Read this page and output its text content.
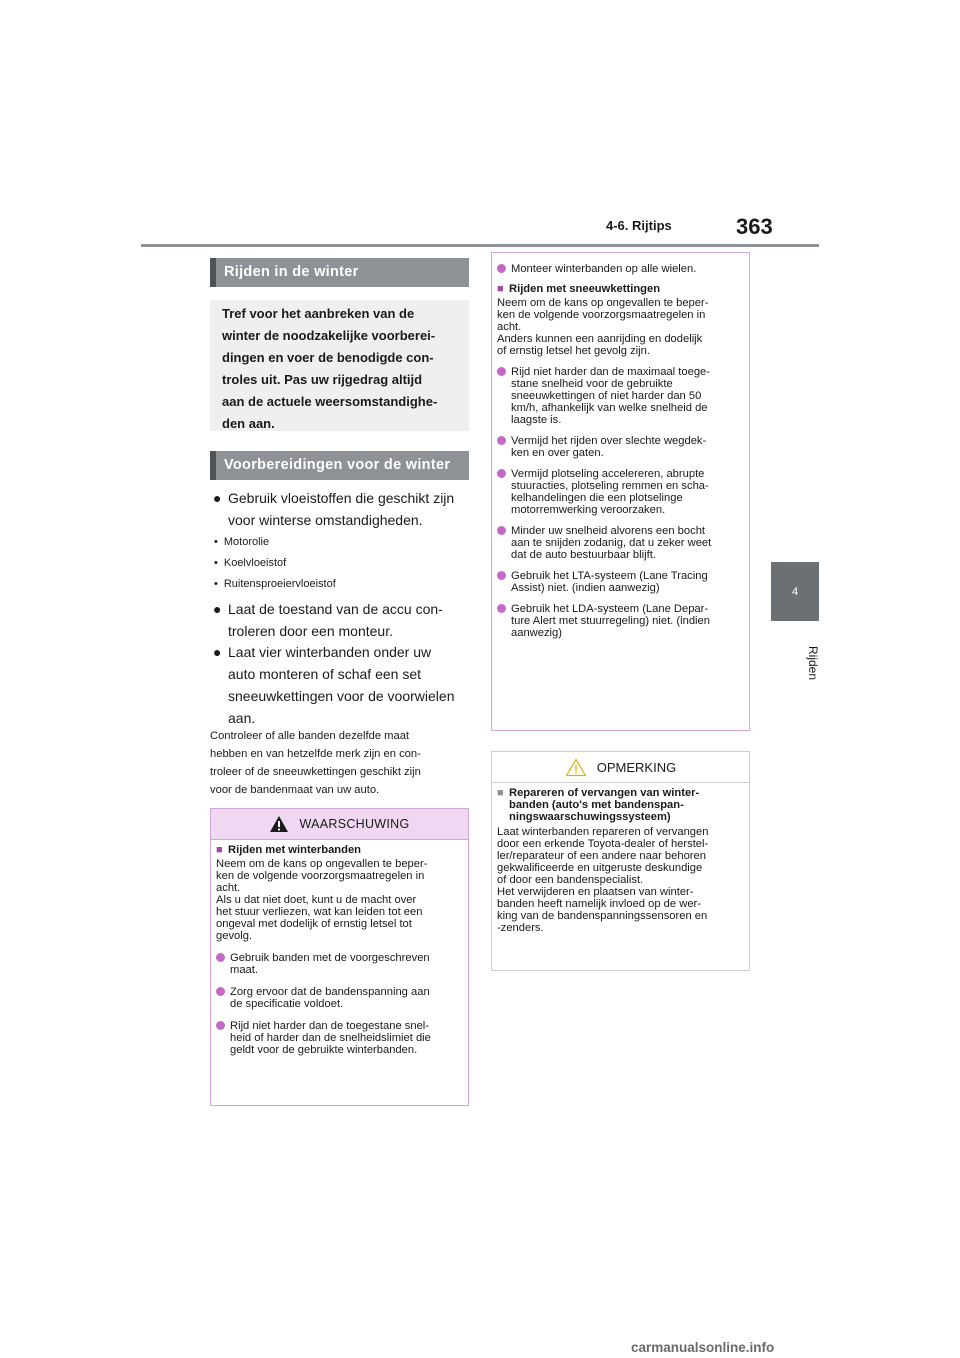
4-6. Rijtips	363
4
Rijden
Rijden in de winter
Tref voor het aanbreken van de
winter de noodzakelijke voorberei-
dingen en voer de benodigde con-
troles uit. Pas uw rijgedrag altijd
aan de actuele weersomstandighe-
den aan.
Voorbereidingen voor de winter
● Gebruik vloeistoffen die geschikt zijn
voor winterse omstandigheden.
• Motorolie
• Koelvloeistof
• Ruitensproeiervloeistof
● Laat de toestand van de accu con-
troleren door een monteur.
● Laat vier winterbanden onder uw
auto monteren of schaf een set
sneeuwkettingen voor de voorwielen
aan.
Controleer of alle banden dezelfde maat
hebben en van hetzelfde merk zijn en con-
troleer of de sneeuwkettingen geschikt zijn
voor de bandenmaat van uw auto.
WAARSCHUWING
■ Rijden met winterbanden
Neem om de kans op ongevallen te beper-
ken de volgende voorzorgsmaatregelen in
acht.
Als u dat niet doet, kunt u de macht over
het stuur verliezen, wat kan leiden tot een
ongeval met dodelijk of ernstig letsel tot
gevolg.
Gebruik banden met de voorgeschreven
maat.
Zorg ervoor dat de bandenspanning aan
de specificatie voldoet.
Rijd niet harder dan de toegestane snel-
heid of harder dan de snelheidslimiet die
geldt voor de gebruikte winterbanden.
Monteer winterbanden op alle wielen.
■ Rijden met sneeuwkettingen
Neem om de kans op ongevallen te beper-
ken de volgende voorzorgsmaatregelen in
acht.
Anders kunnen een aanrijding en dodelijk
of ernstig letsel het gevolg zijn.
Rijd niet harder dan de maximaal toege-
stane snelheid voor de gebruikte
sneeuwkettingen of niet harder dan 50
km/h, afhankelijk van welke snelheid de
laagste is.
Vermijd het rijden over slechte wegdek-
ken en over gaten.
Vermijd plotseling accelereren, abrupte
stuuracties, plotseling remmen en scha-
kelhandelingen die een plotselinge
motorremwerking veroorzaken.
Minder uw snelheid alvorens een bocht
aan te snijden zodanig, dat u zeker weet
dat de auto bestuurbaar blijft.
Gebruik het LTA-systeem (Lane Tracing
Assist) niet. (indien aanwezig)
Gebruik het LDA-systeem (Lane Depar-
ture Alert met stuurregeling) niet. (indien
aanwezig)
OPMERKING
■ Repareren of vervangen van winter-
banden (auto's met bandenspan-
ningswaarschuwingssysteem)
Laat winterbanden repareren of vervangen
door een erkende Toyota-dealer of herstel-
ler/reparateur of een andere naar behoren
gekwalificeerde en uitgeruste deskundige
of door een bandenspecialist.
Het verwijderen en plaatsen van winter-
banden heeft namelijk invloed op de wer-
king van de bandenspanningssensoren en
-zenders.
carmanualsonline.info
